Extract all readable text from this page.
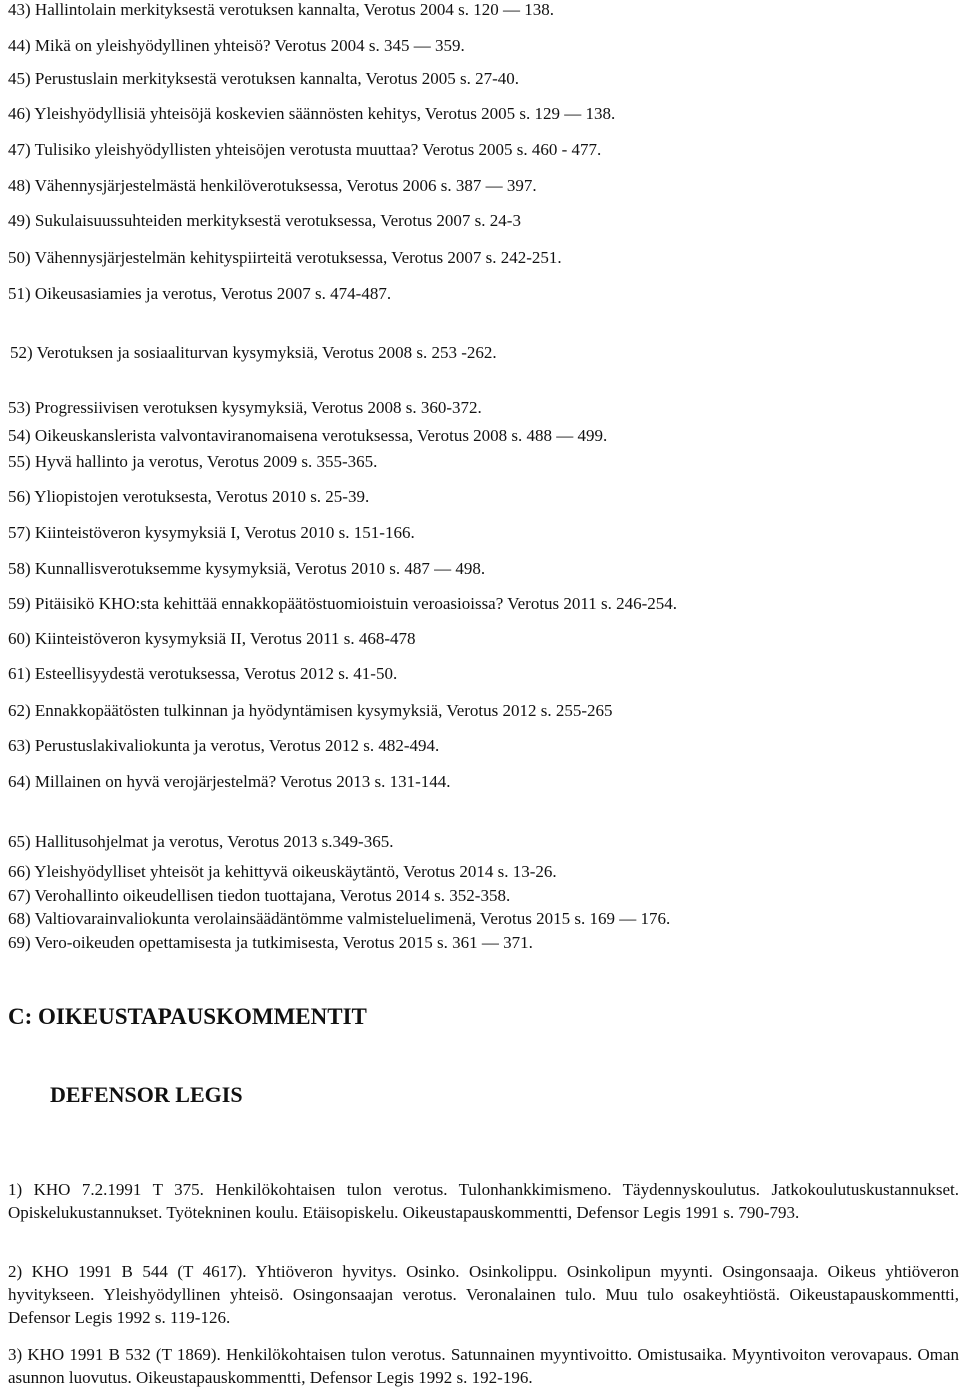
43) Hallintolain merkityksestä verotuksen kannalta, Verotus 2004 s. 120 — 138.
44) Mikä on yleishyödyllinen yhteisö? Verotus 2004 s. 345 — 359.
45) Perustuslain merkityksestä verotuksen kannalta, Verotus 2005 s. 27-40.
46) Yleishyödyllisiä yhteisöjä koskevien säännösten kehitys, Verotus 2005 s. 129 — 138.
47) Tulisiko yleishyödyllisten yhteisöjen verotusta muuttaa? Verotus 2005 s. 460 - 477.
48) Vähennysjärjestelmästä henkilöverotuksessa, Verotus 2006 s. 387 — 397.
49) Sukulaisuussuhteiden merkityksestä verotuksessa, Verotus 2007 s. 24-3
50) Vähennysjärjestelmän kehityspiirteitä verotuksessa, Verotus 2007 s. 242-251.
51) Oikeusasiamies ja verotus, Verotus 2007 s. 474-487.
52) Verotuksen ja sosiaaliturvan kysymyksiä, Verotus 2008 s. 253 -262.
53) Progressiivisen verotuksen kysymyksiä, Verotus 2008 s. 360-372.
54) Oikeuskanslerista valvontaviranomaisena verotuksessa, Verotus 2008 s. 488 — 499.
55) Hyvä hallinto ja verotus, Verotus 2009 s. 355-365.
56) Yliopistojen verotuksesta, Verotus 2010 s. 25-39.
57) Kiinteistöveron kysymyksiä I, Verotus 2010 s. 151-166.
58) Kunnallisverotuksemme kysymyksiä, Verotus 2010 s. 487 — 498.
59) Pitäisikö KHO:sta kehittää ennakkopäätöstuomioistuin veroasioissa? Verotus 2011 s. 246-254.
60) Kiinteistöveron kysymyksiä II, Verotus 2011 s. 468-478
61) Esteellisyydestä verotuksessa, Verotus 2012 s. 41-50.
62) Ennakkopäätösten tulkinnan ja hyödyntämisen kysymyksiä, Verotus 2012 s. 255-265
63) Perustuslakivaliokunta ja verotus, Verotus 2012 s. 482-494.
64) Millainen on hyvä verojärjestelmä? Verotus 2013 s. 131-144.
65) Hallitusohjelmat ja verotus, Verotus 2013 s.349-365.
66) Yleishyödylliset yhteisöt ja kehittyvä oikeuskäytäntö, Verotus 2014 s. 13-26.
67) Verohallinto oikeudellisen tiedon tuottajana, Verotus 2014 s. 352-358.
68) Valtiovarainvaliokunta verolainsäädäntömme valmisteluelimenä, Verotus 2015 s. 169 — 176.
69) Vero-oikeuden opettamisesta ja tutkimisesta, Verotus 2015 s. 361 — 371.
C: OIKEUSTAPAUSKOMMENTIT
DEFENSOR LEGIS
1) KHO 7.2.1991 T 375. Henkilökohtaisen tulon verotus. Tulonhankkimismeno. Täydennyskoulutus. Jatkokoulutuskustannukset. Opiskelukustannukset. Työtekninen koulu. Etäisopiskelu. Oikeustapauskommentti, Defensor Legis 1991 s. 790-793.
2) KHO 1991 B 544 (T 4617). Yhtiöveron hyvitys. Osinko. Osinkolippu. Osinkolipun myynti. Osingonsaaja. Oikeus yhtiöveron hyvitykseen. Yleishyödyllinen yhteisö. Osingonsaajan verotus. Veronalainen tulo. Muu tulo osakeyhtiöstä. Oikeustapauskommentti, Defensor Legis 1992 s. 119-126.
3) KHO 1991 B 532 (T 1869). Henkilökohtaisen tulon verotus. Satunnainen myyntivoitto. Omistusaika. Myyntivoiton verovapaus. Oman asunnon luovutus. Oikeustapauskommentti, Defensor Legis 1992 s. 192-196.
